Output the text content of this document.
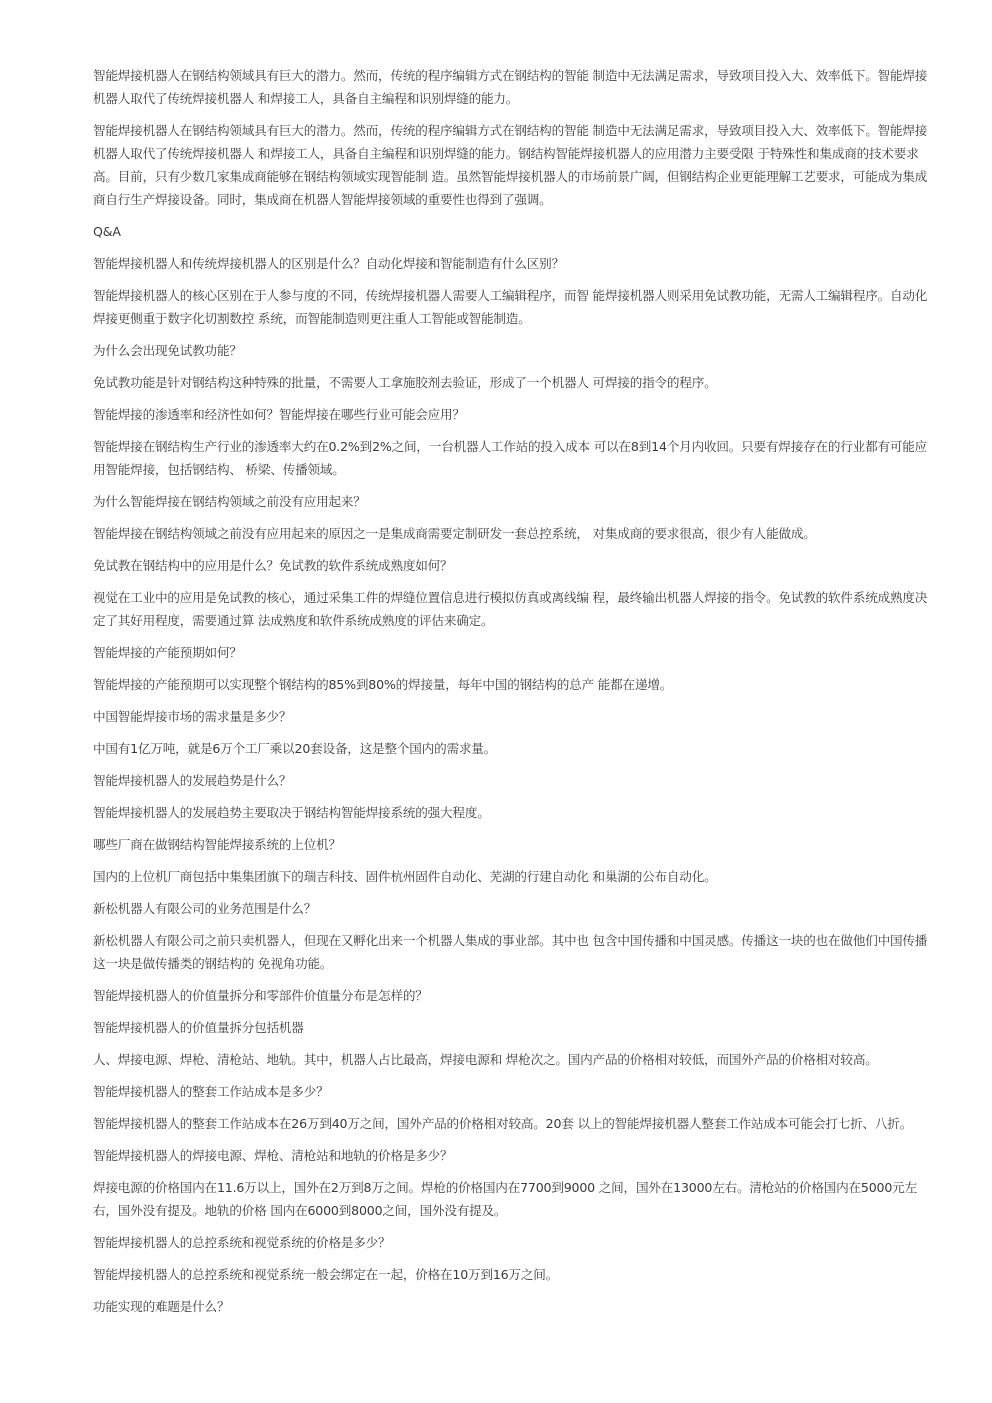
智能焊接机器人在钢结构领域具有巨大的潜力。然而，传统的程序编辑方式在钢结构的智能 制造中无法满足需求，导致项目投入大、效率低下。智能焊接机器人取代了传统焊接机器人 和焊接工人，具备自主编程和识别焊缝的能力。

智能焊接机器人在钢结构领域具有巨大的潜力。然而，传统的程序编辑方式在钢结构的智能 制造中无法满足需求，导致项目投入大、效率低下。智能焊接机器人取代了传统焊接机器人 和焊接工人，具备自主编程和识别焊缝的能力。钢结构智能焊接机器人的应用潜力主要受限 于特殊性和集成商的技术要求高。目前，只有少数几家集成商能够在钢结构领域实现智能制 造。虽然智能焊接机器人的市场前景广阔，但钢结构企业更能理解工艺要求，可能成为集成 商自行生产焊接设备。同时，集成商在机器人智能焊接领域的重要性也得到了强调。

Q&A

智能焊接机器人和传统焊接机器人的区别是什么？自动化焊接和智能制造有什么区别？

智能焊接机器人的核心区别在于人参与度的不同，传统焊接机器人需要人工编辑程序，而智 能焊接机器人则采用免试教功能，无需人工编辑程序。自动化焊接更侧重于数字化切割数控 系统，而智能制造则更注重人工智能或智能制造。

为什么会出现免试教功能？

免试教功能是针对钢结构这种特殊的批量，不需要人工拿施胶剂去验证，形成了一个机器人 可焊接的指令的程序。

智能焊接的渗透率和经济性如何？智能焊接在哪些行业可能会应用？

智能焊接在钢结构生产行业的渗透率大约在0.2%到2%之间，一台机器人工作站的投入成本 可以在8到14个月内收回。只要有焊接存在的行业都有可能应用智能焊接，包括钢结构、 桥梁、传播领域。

为什么智能焊接在钢结构领域之前没有应用起来？

智能焊接在钢结构领域之前没有应用起来的原因之一是集成商需要定制研发一套总控系统， 对集成商的要求很高，很少有人能做成。

免试教在钢结构中的应用是什么？免试教的软件系统成熟度如何？

视觉在工业中的应用是免试教的核心，通过采集工件的焊缝位置信息进行模拟仿真或离线编 程，最终输出机器人焊接的指令。免试教的软件系统成熟度决定了其好用程度，需要通过算 法成熟度和软件系统成熟度的评估来确定。

智能焊接的产能预期如何？

智能焊接的产能预期可以实现整个钢结构的85%到80%的焊接量，每年中国的钢结构的总产 能都在递增。

中国智能焊接市场的需求量是多少？

中国有1亿万吨，就是6万个工厂乘以20套设备，这是整个国内的需求量。

智能焊接机器人的发展趋势是什么？

智能焊接机器人的发展趋势主要取决于钢结构智能焊接系统的强大程度。

哪些厂商在做钢结构智能焊接系统的上位机？

国内的上位机厂商包括中集集团旗下的瑞吉科技、固件杭州固件自动化、芜湖的行建自动化 和巢湖的公布自动化。

新松机器人有限公司的业务范围是什么？

新松机器人有限公司之前只卖机器人，但现在又孵化出来一个机器人集成的事业部。其中也 包含中国传播和中国灵感。传播这一块的也在做他们中国传播这一块是做传播类的钢结构的 免视角功能。

智能焊接机器人的价值量拆分和零部件价值量分布是怎样的？

智能焊接机器人的价值量拆分包括机器

人、焊接电源、焊枪、清枪站、地轨。其中，机器人占比最高，焊接电源和 焊枪次之。国内产品的价格相对较低，而国外产品的价格相对较高。

智能焊接机器人的整套工作站成本是多少？

智能焊接机器人的整套工作站成本在26万到40万之间，国外产品的价格相对较高。20套 以上的智能焊接机器人整套工作站成本可能会打七折、八折。

智能焊接机器人的焊接电源、焊枪、清枪站和地轨的价格是多少？

焊接电源的价格国内在11.6万以上，国外在2万到8万之间。焊枪的价格国内在7700到9000 之间，国外在13000左右。清枪站的价格国内在5000元左右，国外没有提及。地轨的价格 国内在6000到8000之间，国外没有提及。

智能焊接机器人的总控系统和视觉系统的价格是多少？

智能焊接机器人的总控系统和视觉系统一般会绑定在一起，价格在10万到16万之间。

功能实现的难题是什么？
